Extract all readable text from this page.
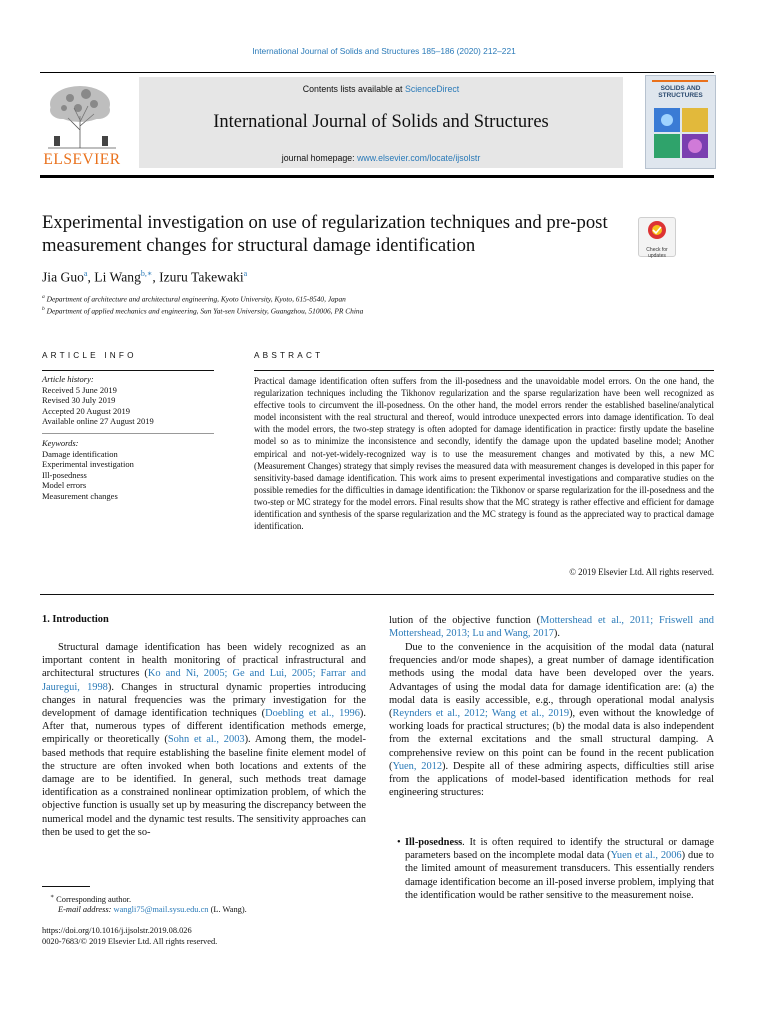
International Journal of Solids and Structures 185–186 (2020) 212–221
ELSEVIER
Contents lists available at ScienceDirect
International Journal of Solids and Structures
journal homepage: www.elsevier.com/locate/ijsolstr
SOLIDS AND
STRUCTURES
Experimental investigation on use of regularization techniques and pre-post measurement changes for structural damage identification	Check for updates
Jia Guo$^a$, Li Wang$^{b,∗}$, Izuru Takewaki$^a$
$^a$ Department of architecture and architectural engineering, Kyoto University, Kyoto, 615-8540, Japan
$^b$ Department of applied mechanics and engineering, Sun Yat-sen University, Guangzhou, 510006, PR China
ARTICLE INFO
Article history:
Received 5 June 2019
Revised 30 July 2019
Accepted 20 August 2019
Available online 27 August 2019
Keywords:
Damage identification
Experimental investigation
Ill-posedness
Model errors
Measurement changes
ABSTRACT
Practical damage identification often suffers from the ill-posedness and the unavoidable model errors. On the one hand, the regularization techniques including the Tikhonov regularization and the sparse regularization have been well recognized as effective tools to circumvent the ill-posedness. On the other hand, the model errors render the established baseline/analytical model inconsistent with the real structural and thereof, would introduce unexpected errors into damage identification. To deal with the model errors, the two-step strategy is often adopted for damage identification in practice: firstly update the baseline model so as to minimize the inconsistence and secondly, identify the damage upon the updated baseline model; Another empirical and not-yet-widely-recognized way is to use the measurement changes and motivated by this, a new MC (Measurement Changes) strategy that simply revises the measured data with measurement changes is developed in this paper for sensitivity-based damage identification. This work aims to present experimental investigations and comparative studies on the possible remedies for the difficulties in damage identification: the Tikhonov or sparse regularization for the ill-posedness and the two-step or MC strategy for the model errors. Final results show that the MC strategy is rather effective and efficient for damage identification and synthesis of the sparse regularization and the MC strategy is found as the appreciated way to practical damage identification.
© 2019 Elsevier Ltd. All rights reserved.
1. Introduction
Structural damage identification has been widely recognized as an important content in health monitoring of practical infrastructural and architectural structures (Ko and Ni, 2005; Ge and Lui, 2005; Farrar and Jauregui, 1998). Changes in structural dynamic properties introducing changes in natural frequencies was the primary investigation for the development of damage identification techniques (Doebling et al., 1996). After that, numerous types of different identification methods emerge, empirically or theoretically (Sohn et al., 2003). Among them, the model-based methods that require establishing the baseline finite element model of the structure are often invoked when both locations and extents of the damage are to be identified. In general, such methods treat damage identification as a constrained nonlinear optimization problem, of which the objective function is usually set up by measuring the discrepancy between the numerical model and the dynamic test results. The sensitivity approaches can then be used to get the so-
lution of the objective function (Mottershead et al., 2011; Friswell and Mottershead, 2013; Lu and Wang, 2017).
Due to the convenience in the acquisition of the modal data (natural frequencies and/or mode shapes), a great number of damage identification methods using the modal data have been developed over the years. Advantages of using the modal data for damage identification are: (a) the modal data is easily accessible, e.g., through operational modal analysis (Reynders et al., 2012; Wang et al., 2019), even without the knowledge of working loads for practical structures; (b) the modal data is also independent from the external excitations and the small structural damping. A comprehensive review on this point can be found in the recent publication (Yuen, 2012). Despite all of these admiring aspects, difficulties still arise from the applications of model-based identification methods for real engineering structures:
• Ill-posedness. It is often required to identify the structural or damage parameters based on the incomplete modal data (Yuen et al., 2006) due to the limited amount of measurement transducers. This essentially renders damage identification become an ill-posed inverse problem, implying that the identification would be rather sensitive to the measurement noise.
∗ Corresponding author.
E-mail address: wangli75@mail.sysu.edu.cn (L. Wang).
https://doi.org/10.1016/j.ijsolstr.2019.08.026
0020-7683/© 2019 Elsevier Ltd. All rights reserved.
